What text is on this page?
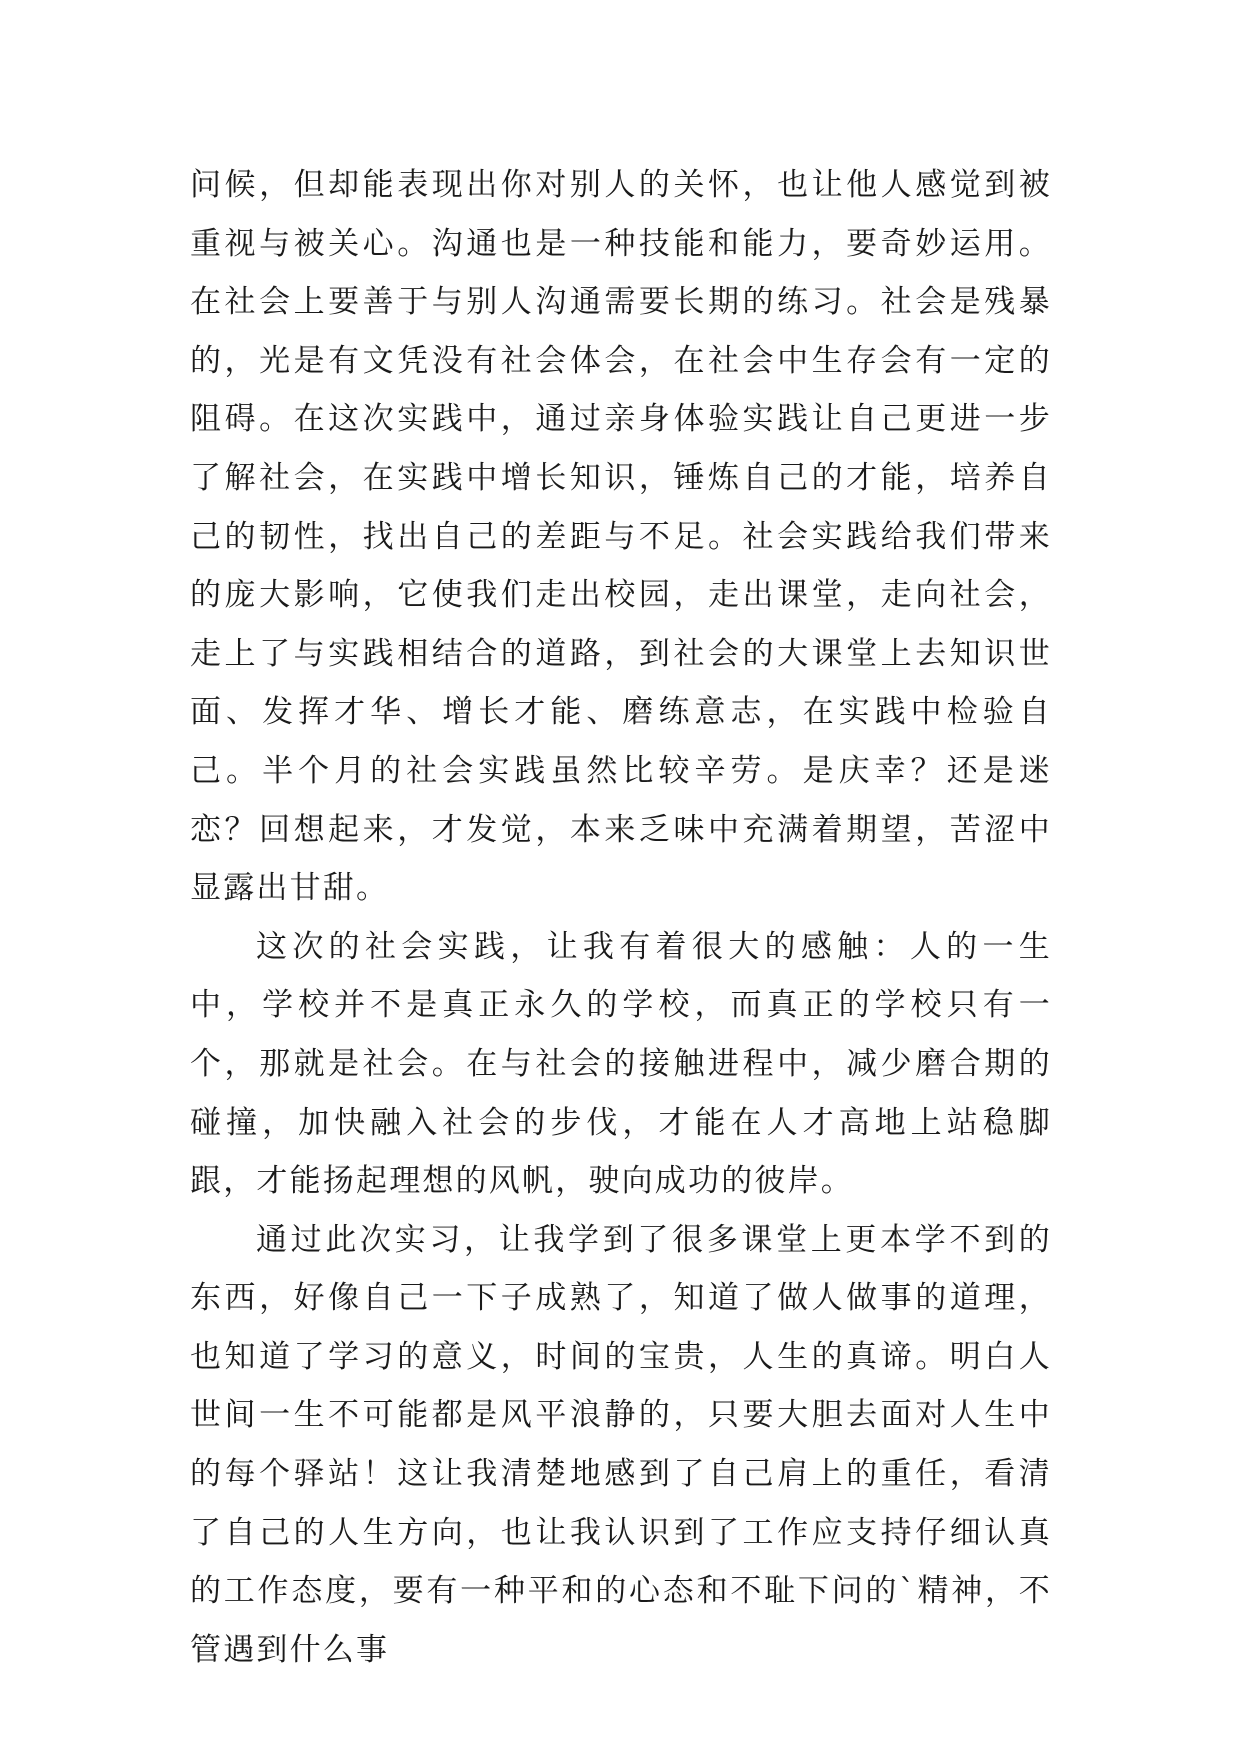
问候，但却能表现出你对别人的关怀，也让他人感觉到被重视与被关心。沟通也是一种技能和能力，要奇妙运用。在社会上要善于与别人沟通需要长期的练习。社会是残暴的，光是有文凭没有社会体会，在社会中生存会有一定的阻碍。在这次实践中，通过亲身体验实践让自己更进一步了解社会，在实践中增长知识，锤炼自己的才能，培养自己的韧性，找出自己的差距与不足。社会实践给我们带来的庞大影响，它使我们走出校园，走出课堂，走向社会，走上了与实践相结合的道路，到社会的大课堂上去知识世面、发挥才华、增长才能、磨练意志，在实践中检验自己。半个月的社会实践虽然比较辛劳。是庆幸？还是迷恋？回想起来，才发觉，本来乏味中充满着期望，苦涩中显露出甘甜。

这次的社会实践，让我有着很大的感触：人的一生中，学校并不是真正永久的学校，而真正的学校只有一个，那就是社会。在与社会的接触进程中，减少磨合期的碰撞，加快融入社会的步伐，才能在人才高地上站稳脚跟，才能扬起理想的风帆，驶向成功的彼岸。

通过此次实习，让我学到了很多课堂上更本学不到的东西，好像自己一下子成熟了，知道了做人做事的道理，也知道了学习的意义，时间的宝贵，人生的真谛。明白人世间一生不可能都是风平浪静的，只要大胆去面对人生中的每个驿站！这让我清楚地感到了自己肩上的重任，看清了自己的人生方向，也让我认识到了工作应支持仔细认真的工作态度，要有一种平和的心态和不耻下问的`精神，不管遇到什么事
